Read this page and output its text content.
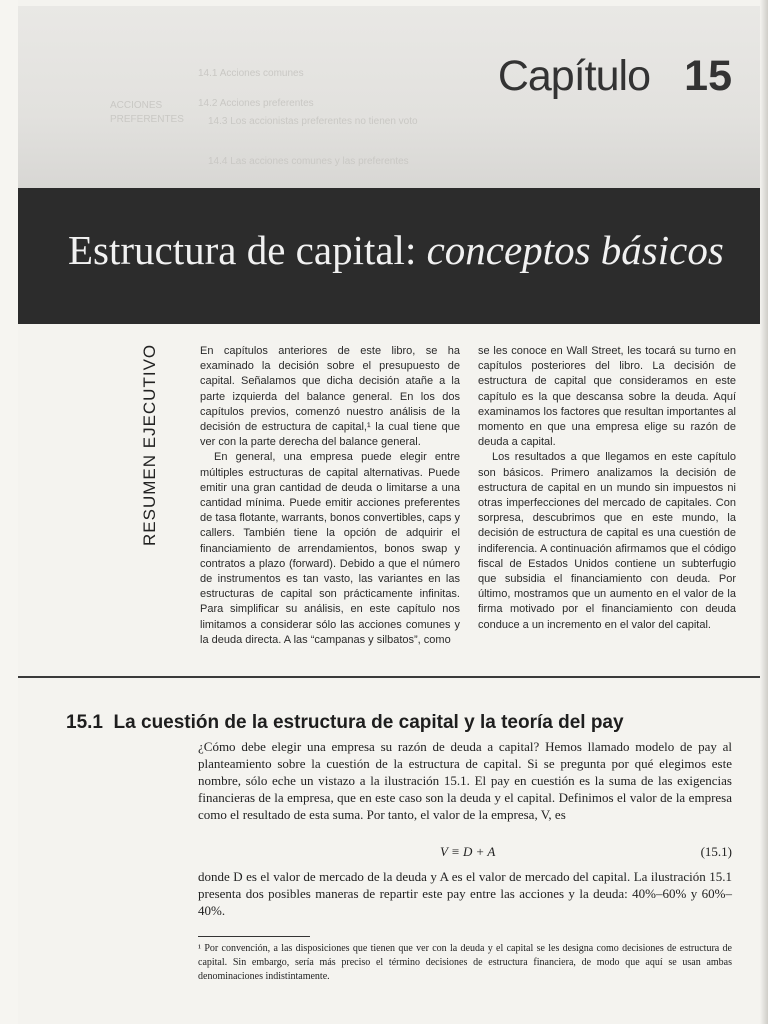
14.1 Acciones comunes
14.2 Acciones preferentes
14.3 Los accionistas preferentes no tienen voto
14.4 Las acciones comunes y las preferentes
ACCIONES
PREFERENTES
Capítulo 15
Estructura de capital: conceptos básicos
RESUMEN EJECUTIVO	En capítulos anteriores de este libro, se ha examinado la decisión sobre el presupuesto de capital. Señalamos que dicha decisión atañe a la parte izquierda del balance general. En los dos capítulos previos, comenzó nuestro análisis de la decisión de estructura de capital,¹ la cual tiene que ver con la parte derecha del balance general.

En general, una empresa puede elegir entre múltiples estructuras de capital alternativas. Puede emitir una gran cantidad de deuda o limitarse a una cantidad mínima. Puede emitir acciones preferentes de tasa flotante, warrants, bonos convertibles, caps y callers. También tiene la opción de adquirir el financiamiento de arrendamientos, bonos swap y contratos a plazo (forward). Debido a que el número de instrumentos es tan vasto, las variantes en las estructuras de capital son prácticamente infinitas. Para simplificar su análisis, en este capítulo nos limitamos a considerar sólo las acciones comunes y la deuda directa. A las “campanas y silbatos”, como

se les conoce en Wall Street, les tocará su turno en capítulos posteriores del libro. La decisión de estructura de capital que consideramos en este capítulo es la que descansa sobre la deuda. Aquí examinamos los factores que resultan importantes al momento en que una empresa elige su razón de deuda a capital.

Los resultados a que llegamos en este capítulo son básicos. Primero analizamos la decisión de estructura de capital en un mundo sin impuestos ni otras imperfecciones del mercado de capitales. Con sorpresa, descubrimos que en este mundo, la decisión de estructura de capital es una cuestión de indiferencia. A continuación afirmamos que el código fiscal de Estados Unidos contiene un subterfugio que subsidia el financiamiento con deuda. Por último, mostramos que un aumento en el valor de la firma motivado por el financiamiento con deuda conduce a un incremento en el valor del capital.

15.1 La cuestión de la estructura de capital y la teoría del pay
¿Cómo debe elegir una empresa su razón de deuda a capital? Hemos llamado modelo de pay al planteamiento sobre la cuestión de la estructura de capital. Si se pregunta por qué elegimos este nombre, sólo eche un vistazo a la ilustración 15.1. El pay en cuestión es la suma de las exigencias financieras de la empresa, que en este caso son la deuda y el capital. Definimos el valor de la empresa como el resultado de esta suma. Por tanto, el valor de la empresa, V, es
V ≡ D + A	(15.1)
donde D es el valor de mercado de la deuda y A es el valor de mercado del capital. La ilustración 15.1 presenta dos posibles maneras de repartir este pay entre las acciones y la deuda: 40%–60% y 60%–40%.
¹ Por convención, a las disposiciones que tienen que ver con la deuda y el capital se les designa como decisiones de estructura de capital. Sin embargo, sería más preciso el término decisiones de estructura financiera, de modo que aquí se usan ambas denominaciones indistintamente.
